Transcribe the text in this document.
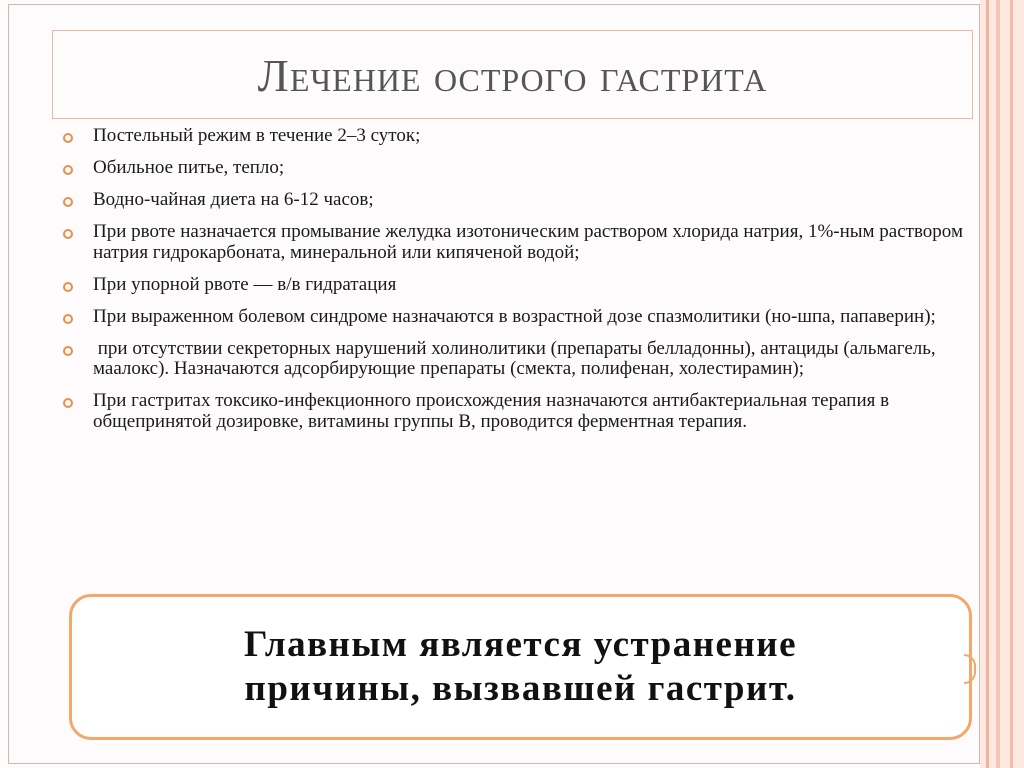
Лечение острого гастрита
Постельный режим в течение 2–3 суток;
Обильное питье, тепло;
Водно-чайная диета на 6-12 часов;
При рвоте назначается промывание желудка изотоническим раствором хлорида натрия, 1%-ным раствором натрия гидрокарбоната, минеральной или кипяченой водой;
При упорной рвоте — в/в гидратация
При выраженном болевом синдроме назначаются в возрастной дозе спазмолитики (но-шпа, папаверин);
при отсутствии секреторных нарушений холинолитики (препараты белладонны), антациды (альмагель, маалокс). Назначаются адсорбирующие препараты (смекта, полифенан, холестирамин);
При гастритах токсико-инфекционного происхождения назначаются антибактериальная терапия в общепринятой дозировке, витамины группы В, проводится ферментная терапия.
Главным является устранение
причины, вызвавшей гастрит.
